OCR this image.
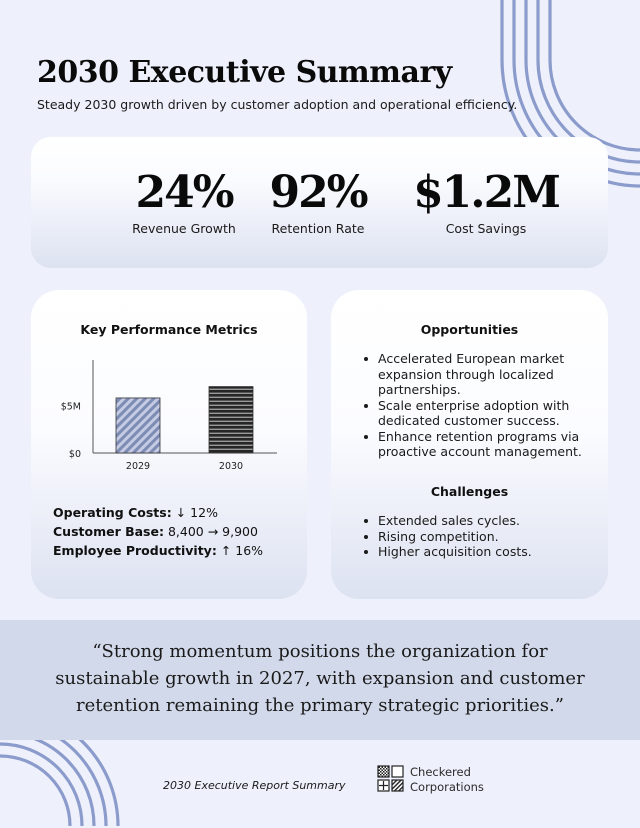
2030 Executive Summary

Steady 2030 growth driven by customer adoption and operational efficiency.

24%
Revenue Growth
92%
Retention Rate
$1.2M
Cost Savings
Key Performance Metrics
$0
$5M
2029	2030
Operating Costs: ↓ 12%
Customer Base: 8,400 → 9,900
Employee Productivity: ↑ 16%
Opportunities
Accelerated European market expansion through localized partnerships.
Scale enterprise adoption with dedicated customer success.
Enhance retention programs via proactive account management.
Challenges
Extended sales cycles.
Rising competition.
Higher acquisition costs.

“Strong momentum positions the organization for sustainable growth in 2027, with expansion and customer retention remaining the primary strategic priorities.”

2030 Executive Report Summary
Checkered
Corporations
